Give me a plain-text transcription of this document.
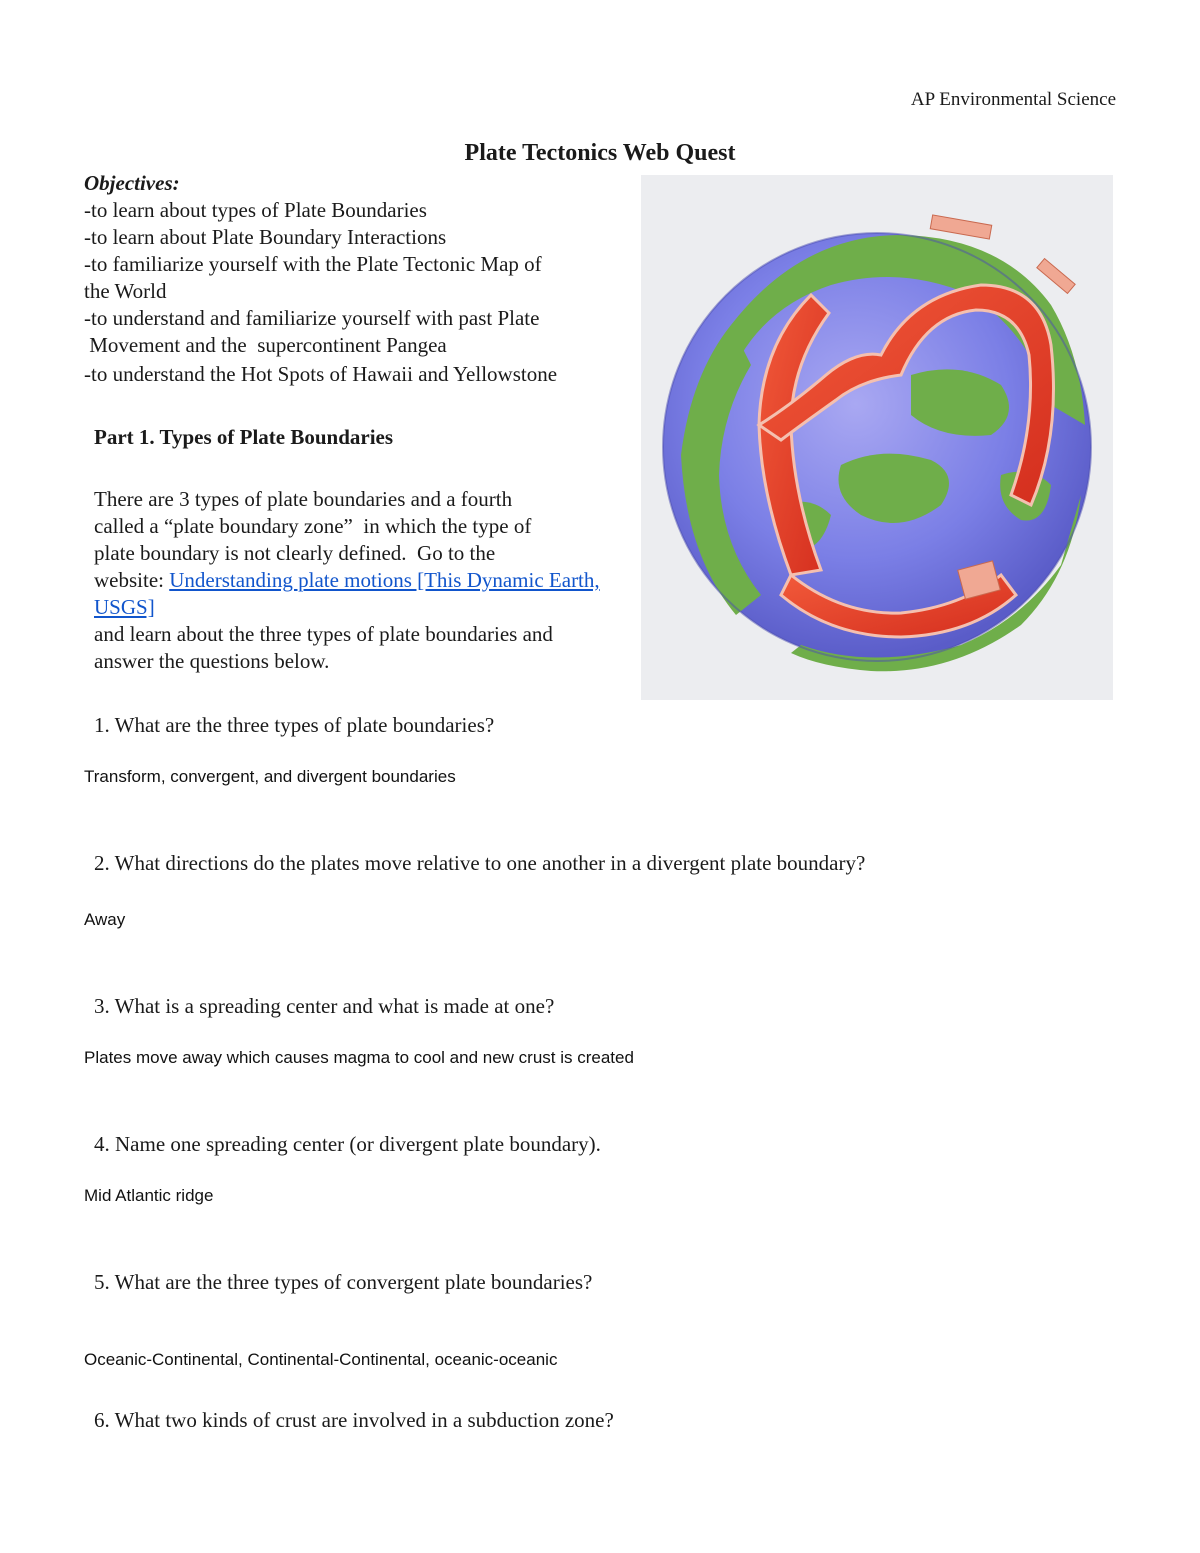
AP Environmental Science
Plate Tectonics Web Quest
Objectives:
-to learn about types of Plate Boundaries
-to learn about Plate Boundary Interactions
-to familiarize yourself with the Plate Tectonic Map of
the World
-to understand and familiarize yourself with past Plate
Movement and the  supercontinent Pangea
-to understand the Hot Spots of Hawaii and Yellowstone
Part 1. Types of Plate Boundaries

There are 3 types of plate boundaries and a fourth

called a “plate boundary zone”  in which the type of

plate boundary is not clearly defined.  Go to the

website: Understanding plate motions [This Dynamic Earth, USGS]

and learn about the three types of plate boundaries and

answer the questions below.

1. What are the three types of plate boundaries?
Transform, convergent, and divergent boundaries
2. What directions do the plates move relative to one another in a divergent plate boundary?
Away
3. What is a spreading center and what is made at one?
Plates move away which causes magma to cool and new crust is created
4. Name one spreading center (or divergent plate boundary).
Mid Atlantic ridge
5. What are the three types of convergent plate boundaries?
Oceanic-Continental, Continental-Continental, oceanic-oceanic
6. What two kinds of crust are involved in a subduction zone?
